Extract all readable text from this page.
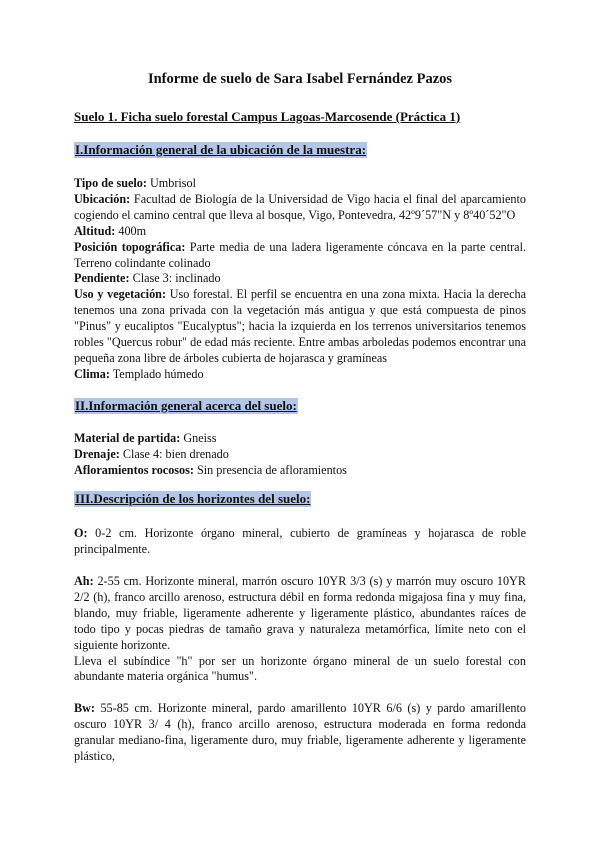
Informe de suelo de Sara Isabel Fernández Pazos
Suelo 1. Ficha suelo forestal Campus Lagoas-Marcosende (Práctica 1)
I.Información general de la ubicación de la muestra:

Tipo de suelo: Umbrisol

Ubicación: Facultad de Biología de la Universidad de Vigo hacia el final del aparcamiento cogiendo el camino central que lleva al bosque, Vigo, Pontevedra, 42º9´57"N y 8º40´52"O

Altitud: 400m

Posición topográfica: Parte media de una ladera ligeramente cóncava en la parte central. Terreno colindante colinado

Pendiente: Clase 3: inclinado

Uso y vegetación: Uso forestal. El perfil se encuentra en una zona mixta. Hacia la derecha tenemos una zona privada con la vegetación más antigua y que está compuesta de pinos "Pinus" y eucaliptos "Eucalyptus"; hacia la izquierda en los terrenos universitarios tenemos robles "Quercus robur" de edad más reciente. Entre ambas arboledas podemos encontrar una pequeña zona libre de árboles cubierta de hojarasca y gramíneas

Clima: Templado húmedo

II.Información general acerca del suelo:

Material de partida: Gneiss

Drenaje: Clase 4: bien drenado

Afloramientos rocosos: Sin presencia de afloramientos

III.Descripción de los horizontes del suelo:

O: 0-2 cm. Horizonte órgano mineral, cubierto de gramíneas y hojarasca de roble principalmente.

Ah: 2-55 cm. Horizonte mineral, marrón oscuro 10YR 3/3 (s) y marrón muy oscuro 10YR 2/2 (h), franco arcillo arenoso, estructura débil en forma redonda migajosa fina y muy fina, blando, muy friable, ligeramente adherente y ligeramente plástico, abundantes raíces de todo tipo y pocas piedras de tamaño grava y naturaleza metamórfica, límite neto con el siguiente horizonte.

Lleva el subíndice "h" por ser un horizonte órgano mineral de un suelo forestal con abundante materia orgánica "humus".

Bw: 55-85 cm. Horizonte mineral, pardo amarillento 10YR 6/6 (s) y pardo amarillento oscuro 10YR 3/ 4 (h), franco arcillo arenoso, estructura moderada en forma redonda granular mediano-fina, ligeramente duro, muy friable, ligeramente adherente y ligeramente plástico,
